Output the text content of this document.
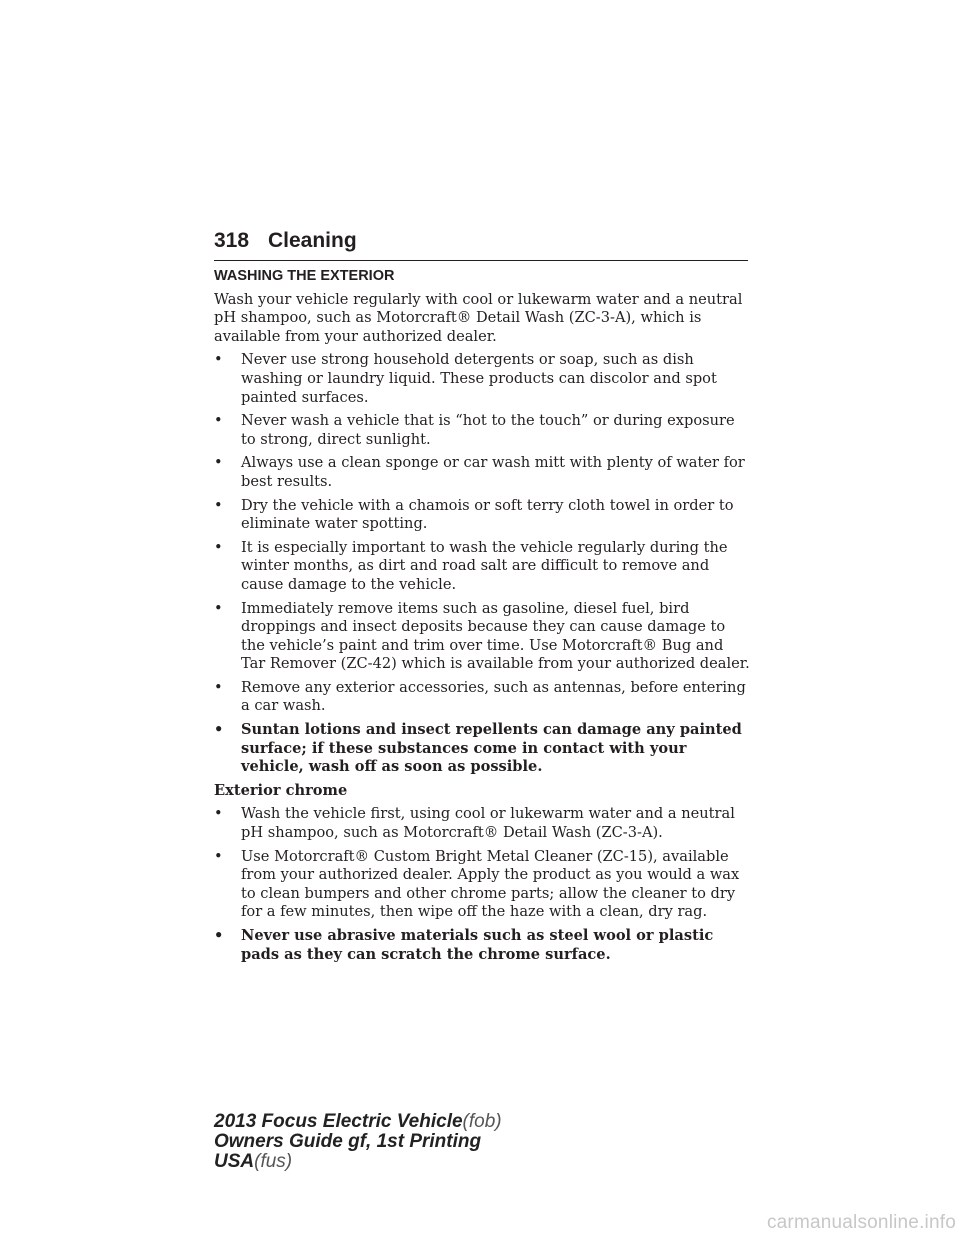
318 Cleaning
WASHING THE EXTERIOR
Wash your vehicle regularly with cool or lukewarm water and a neutral pH shampoo, such as Motorcraft® Detail Wash (ZC-3-A), which is available from your authorized dealer.
• Never use strong household detergents or soap, such as dish washing or laundry liquid. These products can discolor and spot painted surfaces.
• Never wash a vehicle that is “hot to the touch” or during exposure to strong, direct sunlight.
• Always use a clean sponge or car wash mitt with plenty of water for best results.
• Dry the vehicle with a chamois or soft terry cloth towel in order to eliminate water spotting.
• It is especially important to wash the vehicle regularly during the winter months, as dirt and road salt are difficult to remove and cause damage to the vehicle.
• Immediately remove items such as gasoline, diesel fuel, bird droppings and insect deposits because they can cause damage to the vehicle’s paint and trim over time. Use Motorcraft® Bug and Tar Remover (ZC-42) which is available from your authorized dealer.
• Remove any exterior accessories, such as antennas, before entering a car wash.
• Suntan lotions and insect repellents can damage any painted surface; if these substances come in contact with your vehicle, wash off as soon as possible.
Exterior chrome
• Wash the vehicle first, using cool or lukewarm water and a neutral pH shampoo, such as Motorcraft® Detail Wash (ZC-3-A).
• Use Motorcraft® Custom Bright Metal Cleaner (ZC-15), available from your authorized dealer. Apply the product as you would a wax to clean bumpers and other chrome parts; allow the cleaner to dry for a few minutes, then wipe off the haze with a clean, dry rag.
• Never use abrasive materials such as steel wool or plastic pads as they can scratch the chrome surface.
2013 Focus Electric Vehicle(fob)
Owners Guide gf, 1st Printing
USA(fus)
carmanualsonline.info
